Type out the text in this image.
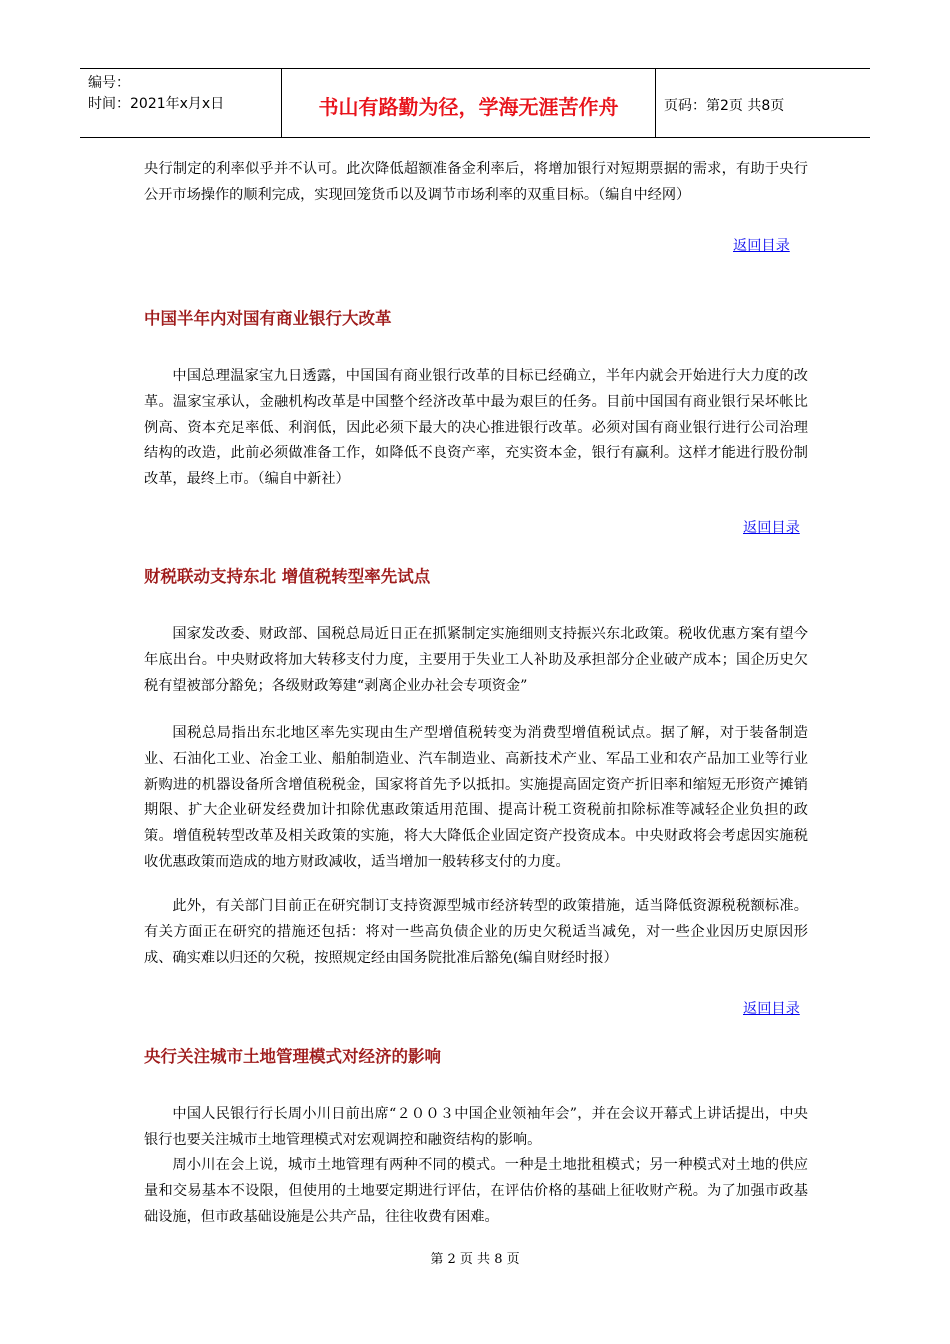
编号：
时间：2021年x月x日	书山有路勤为径，学海无涯苦作舟	页码：第2页 共8页

央行制定的利率似乎并不认可。此次降低超额准备金利率后，将增加银行对短期票据的需求，有助于央行公开市场操作的顺利完成，实现回笼货币以及调节市场利率的双重目标。（编自中经网）

返回目录
中国半年内对国有商业银行大改革

中国总理温家宝九日透露，中国国有商业银行改革的目标已经确立，半年内就会开始进行大力度的改革。温家宝承认，金融机构改革是中国整个经济改革中最为艰巨的任务。目前中国国有商业银行呆坏帐比例高、资本充足率低、利润低，因此必须下最大的决心推进银行改革。必须对国有商业银行进行公司治理结构的改造，此前必须做准备工作，如降低不良资产率，充实资本金，银行有赢利。这样才能进行股份制改革，最终上市。（编自中新社）

返回目录
财税联动支持东北 增值税转型率先试点

国家发改委、财政部、国税总局近日正在抓紧制定实施细则支持振兴东北政策。税收优惠方案有望今年底出台。中央财政将加大转移支付力度，主要用于失业工人补助及承担部分企业破产成本；国企历史欠税有望被部分豁免；各级财政筹建“剥离企业办社会专项资金”

国税总局指出东北地区率先实现由生产型增值税转变为消费型增值税试点。据了解，对于装备制造业、石油化工业、冶金工业、船舶制造业、汽车制造业、高新技术产业、军品工业和农产品加工业等行业新购进的机器设备所含增值税税金，国家将首先予以抵扣。实施提高固定资产折旧率和缩短无形资产摊销期限、扩大企业研发经费加计扣除优惠政策适用范围、提高计税工资税前扣除标准等减轻企业负担的政策。增值税转型改革及相关政策的实施，将大大降低企业固定资产投资成本。中央财政将会考虑因实施税收优惠政策而造成的地方财政减收，适当增加一般转移支付的力度。

此外，有关部门目前正在研究制订支持资源型城市经济转型的政策措施，适当降低资源税税额标准。有关方面正在研究的措施还包括：将对一些高负债企业的历史欠税适当减免，对一些企业因历史原因形成、确实难以归还的欠税，按照规定经由国务院批准后豁免(编自财经时报）

返回目录
央行关注城市土地管理模式对经济的影响

中国人民银行行长周小川日前出席“２００３中国企业领袖年会”，并在会议开幕式上讲话提出，中央银行也要关注城市土地管理模式对宏观调控和融资结构的影响。

周小川在会上说，城市土地管理有两种不同的模式。一种是土地批租模式；另一种模式对土地的供应量和交易基本不设限，但使用的土地要定期进行评估，在评估价格的基础上征收财产税。为了加强市政基础设施，但市政基础设施是公共产品，往往收费有困难。

第 2 页 共 8 页
